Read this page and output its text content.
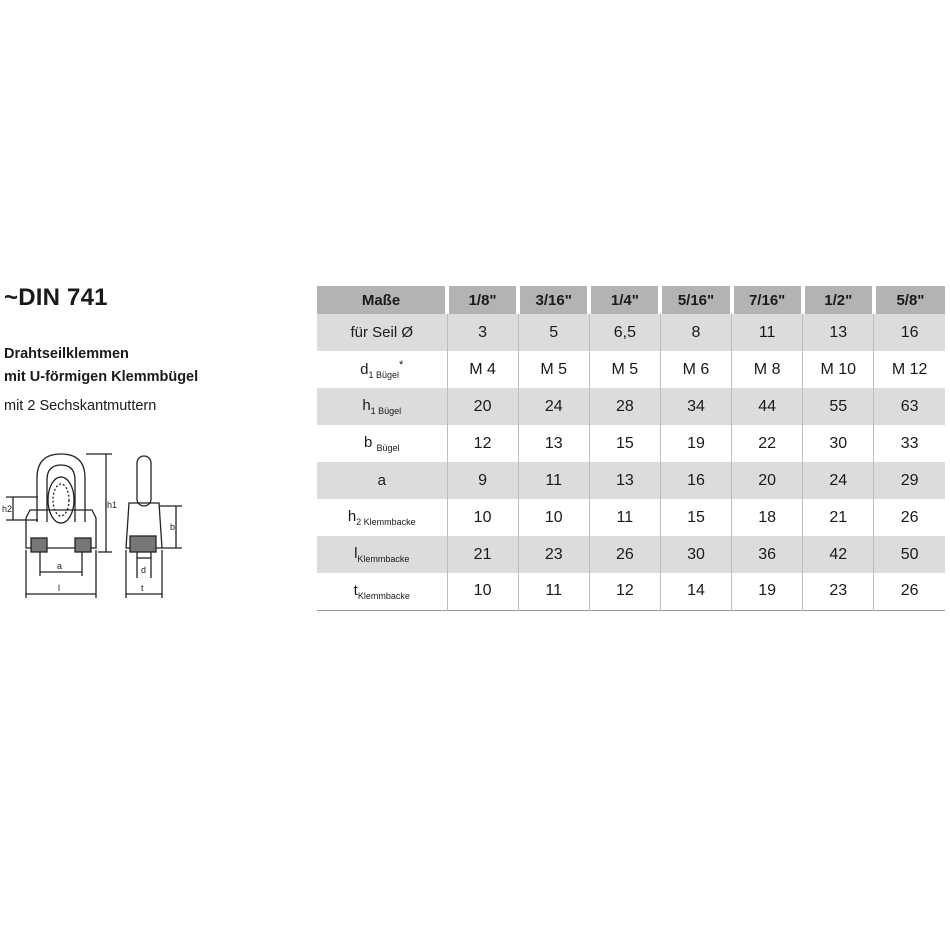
~DIN 741
Drahtseilklemmen
mit U-förmigen Klemmbügel
mit 2 Sechskantmuttern
h2
a
l
h1
b
d
t
Maße	1/8"	3/16"	1/4"	5/16"	7/16"	1/2"	5/8"
für Seil Ø	3	5	6,5	8	11	13	16
$d_{1 Bügel}^*$	M 4	M 5	M 5	M 6	M 8	M 10	M 12
$h_{1 Bügel}$	20	24	28	34	44	55	63
b $_{Bügel}$	12	13	15	19	22	30	33
a	9	11	13	16	20	24	29
$h_{2 Klemmbacke}$	10	10	11	15	18	21	26
$l_{Klemmbacke}$	21	23	26	30	36	42	50
$t_{Klemmbacke}$	10	11	12	14	19	23	26
